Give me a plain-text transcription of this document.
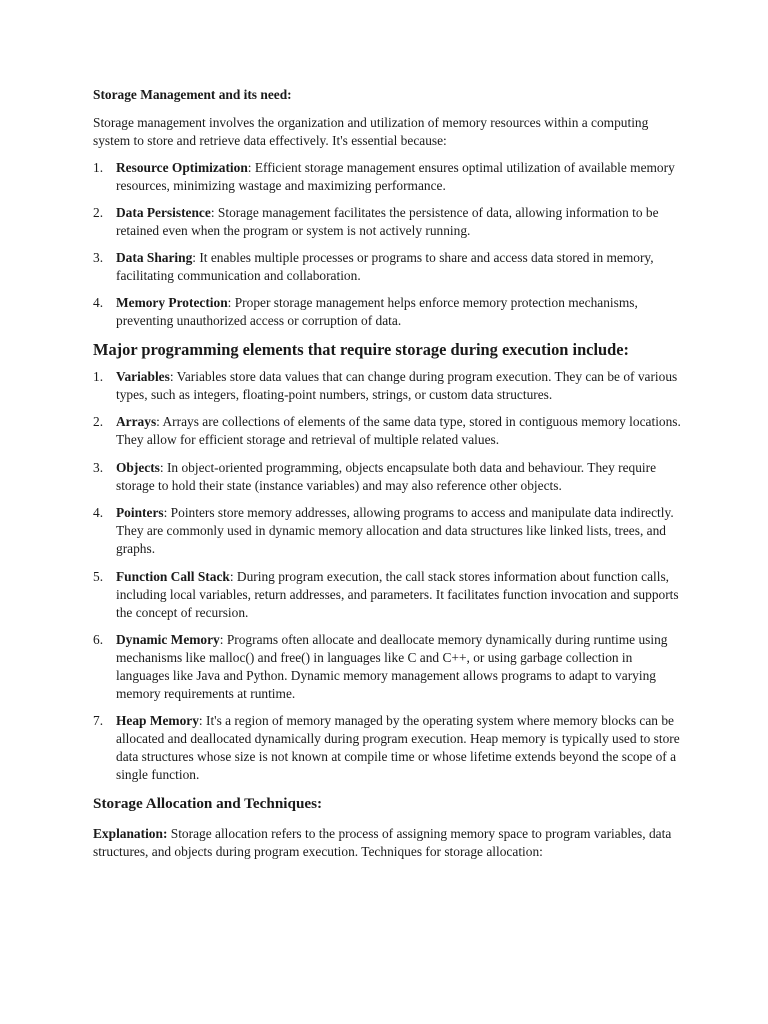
Storage Management and its need:

Storage management involves the organization and utilization of memory resources within a computing system to store and retrieve data effectively. It's essential because:

1. Resource Optimization: Efficient storage management ensures optimal utilization of available memory resources, minimizing wastage and maximizing performance.
2. Data Persistence: Storage management facilitates the persistence of data, allowing information to be retained even when the program or system is not actively running.
3. Data Sharing: It enables multiple processes or programs to share and access data stored in memory, facilitating communication and collaboration.
4. Memory Protection: Proper storage management helps enforce memory protection mechanisms, preventing unauthorized access or corruption of data.
Major programming elements that require storage during execution include:
1. Variables: Variables store data values that can change during program execution. They can be of various types, such as integers, floating-point numbers, strings, or custom data structures.
2. Arrays: Arrays are collections of elements of the same data type, stored in contiguous memory locations. They allow for efficient storage and retrieval of multiple related values.
3. Objects: In object-oriented programming, objects encapsulate both data and behaviour. They require storage to hold their state (instance variables) and may also reference other objects.
4. Pointers: Pointers store memory addresses, allowing programs to access and manipulate data indirectly. They are commonly used in dynamic memory allocation and data structures like linked lists, trees, and graphs.
5. Function Call Stack: During program execution, the call stack stores information about function calls, including local variables, return addresses, and parameters. It facilitates function invocation and supports the concept of recursion.
6. Dynamic Memory: Programs often allocate and deallocate memory dynamically during runtime using mechanisms like malloc() and free() in languages like C and C++, or using garbage collection in languages like Java and Python. Dynamic memory management allows programs to adapt to varying memory requirements at runtime.
7. Heap Memory: It's a region of memory managed by the operating system where memory blocks can be allocated and deallocated dynamically during program execution. Heap memory is typically used to store data structures whose size is not known at compile time or whose lifetime extends beyond the scope of a single function.
Storage Allocation and Techniques:

Explanation: Storage allocation refers to the process of assigning memory space to program variables, data structures, and objects during program execution. Techniques for storage allocation:
